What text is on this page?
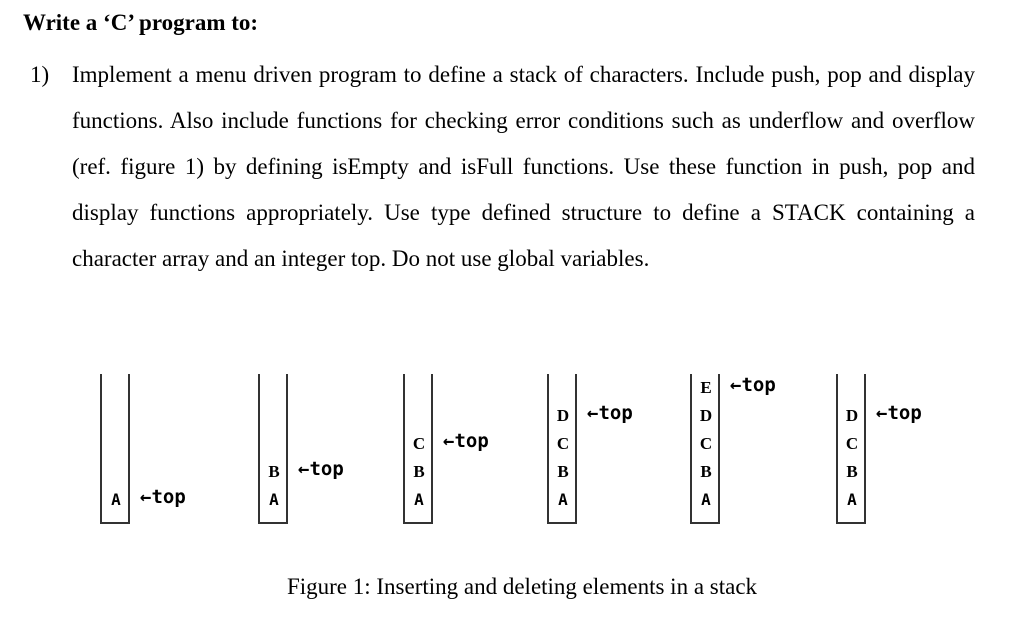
Write a ‘C’ program to:
1) Implement a menu driven program to define a stack of characters. Include push, pop and display functions. Also include functions for checking error conditions such as underflow and overflow (ref. figure 1) by defining isEmpty and isFull functions. Use these function in push, pop and display functions appropriately. Use type defined structure to define a STACK containing a character array and an integer top. Do not use global variables.

A	←top	A
B ←top
A
B
C ←top
A
B
C
D ←top
A
B
C
D
E ←top
A
B
C
D ←top
Figure 1: Inserting and deleting elements in a stack
